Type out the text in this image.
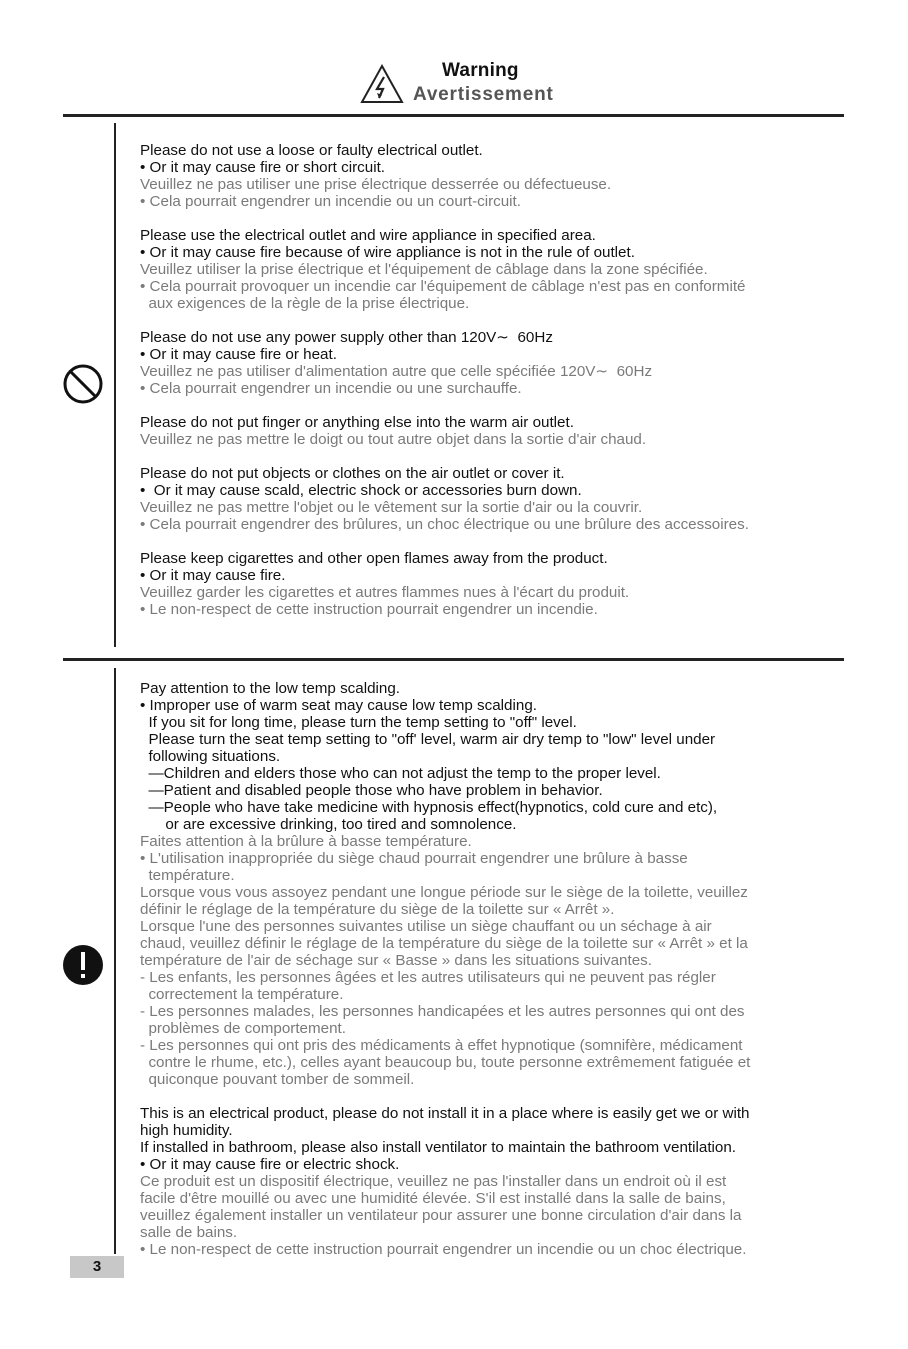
Warning
Avertissement

Please do not use a loose or faulty electrical outlet.

• Or it may cause fire or short circuit.

Veuillez ne pas utiliser une prise électrique desserrée ou défectueuse.

• Cela pourrait engendrer un incendie ou un court-circuit.

Please use the electrical outlet and wire appliance in specified area.

• Or it may cause fire because of wire appliance is not in the rule of outlet.

Veuillez utiliser la prise électrique et l'équipement de câblage dans la zone spécifiée.

• Cela pourrait provoquer un incendie car l'équipement de câblage n'est pas en conformité

aux exigences de la règle de la prise électrique.

Please do not use any power supply other than 120V∼  60Hz

• Or it may cause fire or heat.

Veuillez ne pas utiliser d'alimentation autre que celle spécifiée 120V∼  60Hz

• Cela pourrait engendrer un incendie ou une surchauffe.

Please do not put finger or anything else into the warm air outlet.

Veuillez ne pas mettre le doigt ou tout autre objet dans la sortie d'air chaud.

Please do not put objects or clothes on the air outlet or cover it.

•  Or it may cause scald, electric shock or accessories burn down.

Veuillez ne pas mettre l'objet ou le vêtement sur la sortie d'air ou la couvrir.

• Cela pourrait engendrer des brûlures, un choc électrique ou une brûlure des accessoires.

Please keep cigarettes and other open flames away from the product.

• Or it may cause fire.

Veuillez garder les cigarettes et autres flammes nues à l'écart du produit.

• Le non-respect de cette instruction pourrait engendrer un incendie.

Pay attention to the low temp scalding.

• Improper use of warm seat may cause low temp scalding.

If you sit for long time, please turn the temp setting to "off" level.

Please turn the seat temp setting to "off' level, warm air dry temp to "low" level under

following situations.

—Children and elders those who can not adjust the temp to the proper level.

—Patient and disabled people those who have problem in behavior.

—People who have take medicine with hypnosis effect(hypnotics, cold cure and etc),

or are excessive drinking, too tired and somnolence.

Faites attention à la brûlure à basse température.

• L'utilisation inappropriée du siège chaud pourrait engendrer une brûlure à basse

température.

Lorsque vous vous assoyez pendant une longue période sur le siège de la toilette, veuillez

définir le réglage de la température du siège de la toilette sur « Arrêt ».

Lorsque l'une des personnes suivantes utilise un siège chauffant ou un séchage à air

chaud, veuillez définir le réglage de la température du siège de la toilette sur « Arrêt » et la

température de l'air de séchage sur « Basse » dans les situations suivantes.

- Les enfants, les personnes âgées et les autres utilisateurs qui ne peuvent pas régler

correctement la température.

- Les personnes malades, les personnes handicapées et les autres personnes qui ont des

problèmes de comportement.

- Les personnes qui ont pris des médicaments à effet hypnotique (somnifère, médicament

contre le rhume, etc.), celles ayant beaucoup bu, toute personne extrêmement fatiguée et

quiconque pouvant tomber de sommeil.

This is an electrical product, please do not install it in a place where is easily get we or with

high humidity.

If installed in bathroom, please also install ventilator to maintain the bathroom ventilation.

• Or it may cause fire or electric shock.

Ce produit est un dispositif électrique, veuillez ne pas l'installer dans un endroit où il est

facile d'être mouillé ou avec une humidité élevée. S'il est installé dans la salle de bains,

veuillez également installer un ventilateur pour assurer une bonne circulation d'air dans la

salle de bains.

• Le non-respect de cette instruction pourrait engendrer un incendie ou un choc électrique.

3
